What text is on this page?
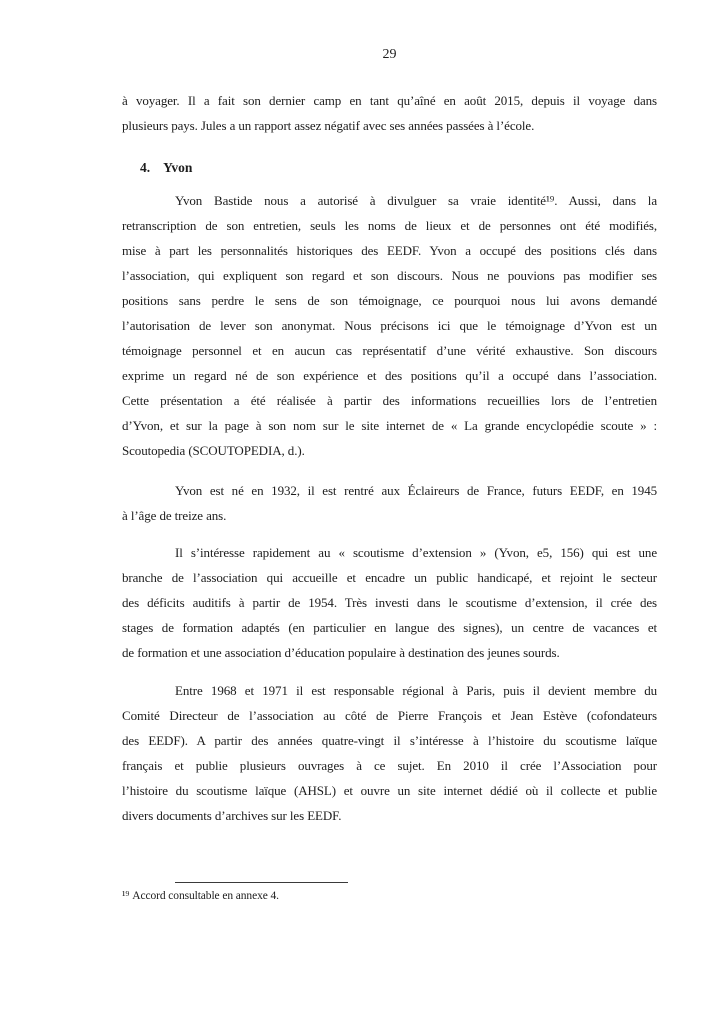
29
à voyager. Il a fait son dernier camp en tant qu’aîné en août 2015, depuis il voyage dans
plusieurs pays. Jules a un rapport assez négatif avec ses années passées à l’école.
4. Yvon
Yvon Bastide nous a autorisé à divulguer sa vraie identité¹⁹. Aussi, dans la
retranscription de son entretien, seuls les noms de lieux et de personnes ont été modifiés,
mise à part les personnalités historiques des EEDF. Yvon a occupé des positions clés dans
l’association, qui expliquent son regard et son discours. Nous ne pouvions pas modifier ses
positions sans perdre le sens de son témoignage, ce pourquoi nous lui avons demandé
l’autorisation de lever son anonymat. Nous précisons ici que le témoignage d’Yvon est un
témoignage personnel et en aucun cas représentatif d’une vérité exhaustive. Son discours
exprime un regard né de son expérience et des positions qu’il a occupé dans l’association.
Cette présentation a été réalisée à partir des informations recueillies lors de l’entretien
d’Yvon, et sur la page à son nom sur le site internet de « La grande encyclopédie scoute » :
Scoutopedia (SCOUTOPEDIA, d.).
Yvon est né en 1932, il est rentré aux Éclaireurs de France, futurs EEDF, en 1945
à l’âge de treize ans.
Il s’intéresse rapidement au « scoutisme d’extension » (Yvon, e5, 156) qui est une
branche de l’association qui accueille et encadre un public handicapé, et rejoint le secteur
des déficits auditifs à partir de 1954. Très investi dans le scoutisme d’extension, il crée des
stages de formation adaptés (en particulier en langue des signes), un centre de vacances et
de formation et une association d’éducation populaire à destination des jeunes sourds.
Entre 1968 et 1971 il est responsable régional à Paris, puis il devient membre du
Comité Directeur de l’association au côté de Pierre François et Jean Estève (cofondateurs
des EEDF). A partir des années quatre-vingt il s’intéresse à l’histoire du scoutisme laïque
français et publie plusieurs ouvrages à ce sujet. En 2010 il crée l’Association pour
l’histoire du scoutisme laïque (AHSL) et ouvre un site internet dédié où il collecte et publie
divers documents d’archives sur les EEDF.
¹⁹ Accord consultable en annexe 4.
